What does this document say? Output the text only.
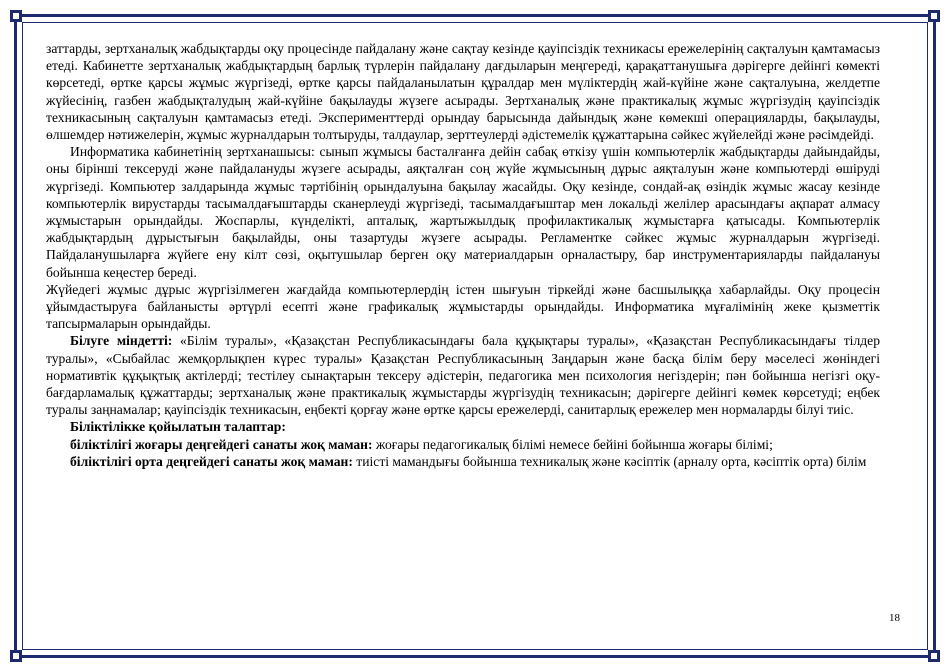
заттарды, зертханалық жабдықтарды оқу процесінде пайдалану және сақтау кезінде қауіпсіздік техникасы ережелерінің сақталуын қамтамасыз етеді. Кабинетте зертханалық жабдықтардың барлық түрлерін пайдалану дағдыларын меңгереді, қарақаттанушыға дәрігерге дейінгі көмекті көрсетеді, өртке қарсы жұмыс жүргізеді, өртке қарсы пайдаланылатын құралдар мен мүліктердің жай-күйіне және сақталуына, желдетпе жүйесінің, газбен жабдықталудың жай-күйіне бақылауды жүзеге асырады. Зертханалық және практикалық жұмыс жүргізудің қауіпсіздік техникасының сақталуын қамтамасыз етеді. Эксперименттерді орындау барысында дайындық және көмекші операцияларды, бақылауды, өлшемдер нәтижелерін, жұмыс журналдарын толтыруды, талдаулар, зерттеулерді әдістемелік құжаттарына сәйкес жүйелейді және рәсімдейді.

Информатика кабинетінің зертханашысы: сынып жұмысы басталғанға дейін сабақ өткізу үшін компьютерлік жабдықтарды дайындайды, оны бірінші тексеруді және пайдалануды жүзеге асырады, аяқталған соң жүйе жұмысының дұрыс аяқталуын және компьютерді өшіруді жүргізеді. Компьютер залдарында жұмыс тәртібінің орындалуына бақылау жасайды. Оқу кезінде, сондай-ақ өзіндік жұмыс жасау кезінде компьютерлік вирустарды тасымалдағыштарды сканерлеуді жүргізеді, тасымалдағыштар мен локальді желілер арасындағы ақпарат алмасу жұмыстарын орындайды. Жоспарлы, күнделікті, апталық, жартыжылдық профилактикалық жұмыстарға қатысады. Компьютерлік жабдықтардың дұрыстығын бақылайды, оны тазартуды жүзеге асырады. Регламентке сәйкес жұмыс журналдарын жүргізеді. Пайдаланушыларға жүйеге ену кілт сөзі, оқытушылар берген оқу материалдарын орналастыру, бар инструментарияларды пайдалануы бойынша кеңестер береді.

Жүйедегі жұмыс дұрыс жүргізілмеген жағдайда компьютерлердің істен шығуын тіркейді және басшылыққа хабарлайды. Оқу процесін ұйымдастыруға байланысты әртүрлі есепті және графикалық жұмыстарды орындайды. Информатика мұғалімінің жеке қызметтік тапсырмаларын орындайды.

Білуге міндетті: «Білім туралы», «Қазақстан Республикасындағы бала құқықтары туралы», «Қазақстан Республикасындағы тілдер туралы», «Сыбайлас жемқорлықпен күрес туралы» Қазақстан Республикасының Заңдарын және басқа білім беру мәселесі жөніндегі нормативтік құқықтық актілерді; тестілеу сынақтарын тексеру әдістерін, педагогика мен психология негіздерін; пән бойынша негізгі оқу-бағдарламалық құжаттарды; зертханалық және практикалық жұмыстарды жүргізудің техникасын; дәрігерге дейінгі көмек көрсетуді; еңбек туралы заңнамалар; қауіпсіздік техникасын, еңбекті қорғау және өртке қарсы ережелерді, санитарлық ережелер мен нормаларды білуі тиіс.

Біліктілікке қойылатын талаптар:

біліктілігі жоғары деңгейдегі санаты жоқ маман: жоғары педагогикалық білімі немесе бейіні бойынша жоғары білімі;

біліктілігі орта деңгейдегі санаты жоқ маман: тиісті мамандығы бойынша техникалық және кәсіптік (арналу орта, кәсіптік орта) білім

18
